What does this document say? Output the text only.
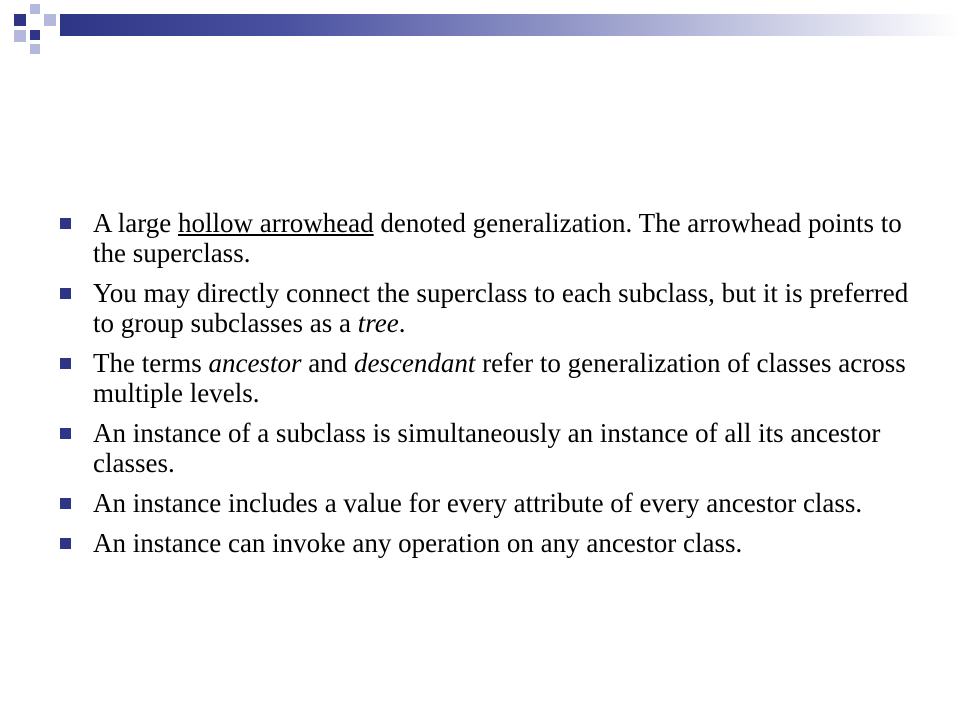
A large hollow arrowhead denoted generalization. The arrowhead points to the superclass.
You may directly connect the superclass to each subclass, but it is preferred to group subclasses as a tree.
The terms ancestor and descendant refer to generalization of classes across multiple levels.
An instance of a subclass is simultaneously an instance of all its ancestor classes.
An instance includes a value for every attribute of every ancestor class.
An instance can invoke any operation on any ancestor class.
